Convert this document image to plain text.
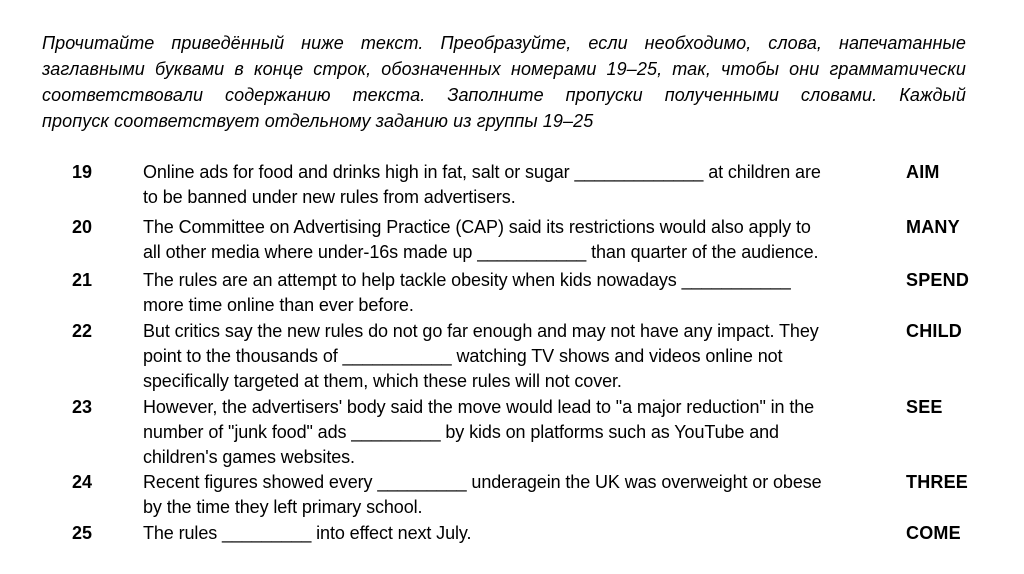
Прочитайте приведённый ниже текст. Преобразуйте, если необходимо, слова, напечатанные
заглавными буквами в конце строк, обозначенных номерами 19–25, так, чтобы они грамматически
соответствовали содержанию текста. Заполните пропуски полученными словами. Каждый
пропуск соответствует отдельному заданию из группы 19–25
19	Online ads for food and drinks high in fat, salt or sugar _____________ at children are
to be banned under new rules from advertisers.
AIM
20	The Committee on Advertising Practice (CAP) said its restrictions would also apply to
all other media where under-16s made up ___________ than quarter of the audience.
MANY
21	The rules are an attempt to help tackle obesity when kids nowadays ___________
more time online than ever before.
SPEND
22	But critics say the new rules do not go far enough and may not have any impact. They
point to the thousands of ___________ watching TV shows and videos online not
specifically targeted at them, which these rules will not cover.
CHILD
23	However, the advertisers' body said the move would lead to "a major reduction" in the
number of "junk food" ads _________ by kids on platforms such as YouTube and
children's games websites.
SEE
24	Recent figures showed every _________ underagein the UK was overweight or obese
by the time they left primary school.
THREE
25	The rules _________ into effect next July.	COME
